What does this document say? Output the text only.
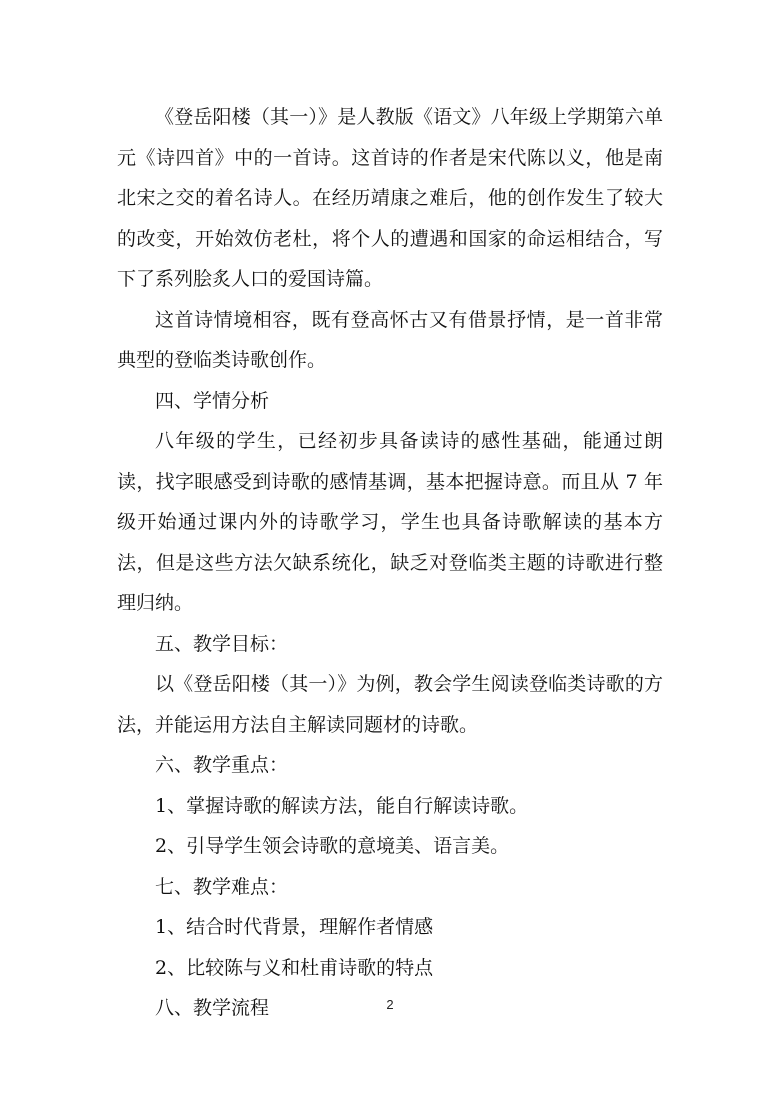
《登岳阳楼（其一）》是人教版《语文》八年级上学期第六单元《诗四首》中的一首诗。这首诗的作者是宋代陈以义，他是南北宋之交的着名诗人。在经历靖康之难后，他的创作发生了较大的改变，开始效仿老杜，将个人的遭遇和国家的命运相结合，写下了系列脍炙人口的爱国诗篇。

这首诗情境相容，既有登高怀古又有借景抒情，是一首非常典型的登临类诗歌创作。

四、学情分析

八年级的学生，已经初步具备读诗的感性基础，能通过朗读，找字眼感受到诗歌的感情基调，基本把握诗意。而且从 7 年级开始通过课内外的诗歌学习，学生也具备诗歌解读的基本方法，但是这些方法欠缺系统化，缺乏对登临类主题的诗歌进行整理归纳。

五、教学目标：

以《登岳阳楼（其一）》为例，教会学生阅读登临类诗歌的方法，并能运用方法自主解读同题材的诗歌。

六、教学重点：

1、掌握诗歌的解读方法，能自行解读诗歌。

2、引导学生领会诗歌的意境美、语言美。

七、教学难点：

1、结合时代背景，理解作者情感

2、比较陈与义和杜甫诗歌的特点

八、教学流程	2
